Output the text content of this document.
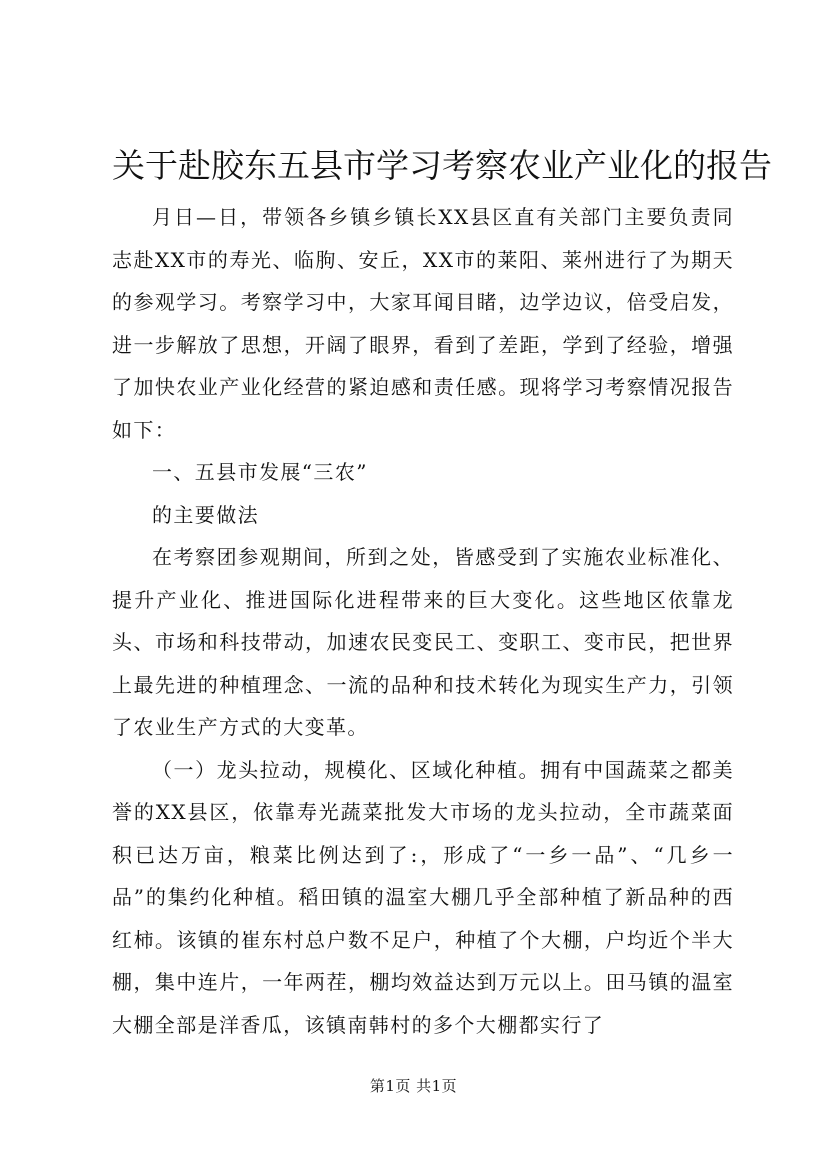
关于赴胶东五县市学习考察农业产业化的报告

月日—日，带领各乡镇乡镇长XX县区直有关部门主要负责同志赴XX市的寿光、临朐、安丘，XX市的莱阳、莱州进行了为期天的参观学习。考察学习中，大家耳闻目睹，边学边议，倍受启发，进一步解放了思想，开阔了眼界，看到了差距，学到了经验，增强了加快农业产业化经营的紧迫感和责任感。现将学习考察情况报告如下：

一、五县市发展“三农”

的主要做法

在考察团参观期间，所到之处，皆感受到了实施农业标准化、提升产业化、推进国际化进程带来的巨大变化。这些地区依靠龙头、市场和科技带动，加速农民变民工、变职工、变市民，把世界上最先进的种植理念、一流的品种和技术转化为现实生产力，引领了农业生产方式的大变革。

（一）龙头拉动，规模化、区域化种植。拥有中国蔬菜之都美誉的XX县区，依靠寿光蔬菜批发大市场的龙头拉动，全市蔬菜面积已达万亩，粮菜比例达到了:，形成了“一乡一品”、“几乡一品”的集约化种植。稻田镇的温室大棚几乎全部种植了新品种的西红柿。该镇的崔东村总户数不足户，种植了个大棚，户均近个半大棚，集中连片，一年两茬，棚均效益达到万元以上。田马镇的温室大棚全部是洋香瓜，该镇南韩村的多个大棚都实行了

第1页 共1页
